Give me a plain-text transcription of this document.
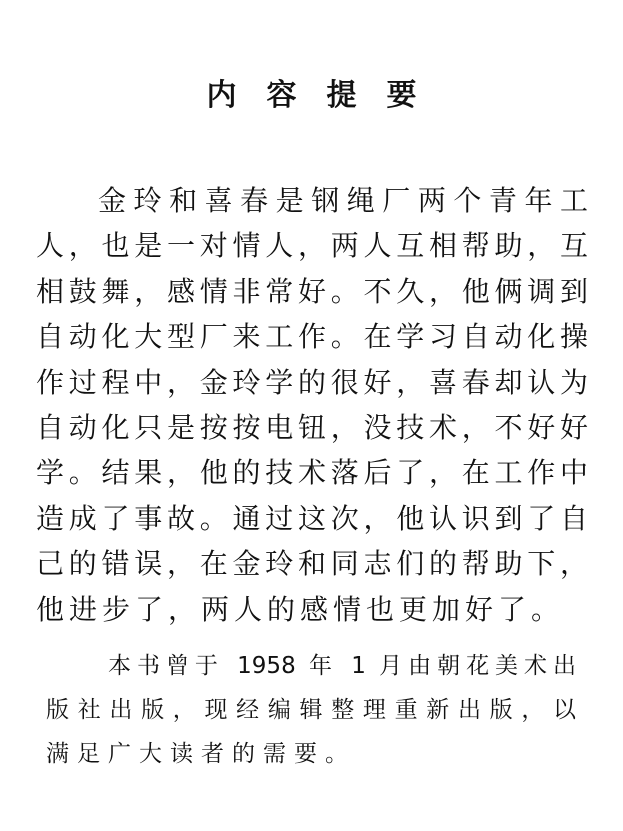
内容提要
金玲和喜春是钢绳厂两个青年工
人，也是一对情人，两人互相帮助，互
相鼓舞，感情非常好。不久，他俩调到
自动化大型厂来工作。在学习自动化操
作过程中，金玲学的很好，喜春却认为
自动化只是按按电钮，没技术，不好好
学。结果，他的技术落后了，在工作中
造成了事故。通过这次，他认识到了自
己的错误，在金玲和同志们的帮助下，
他进步了，两人的感情也更加好了。
本书曾于 1958 年 1 月由朝花美术出
版社出版，现经编辑整理重新出版，以
满足广大读者的需要。
